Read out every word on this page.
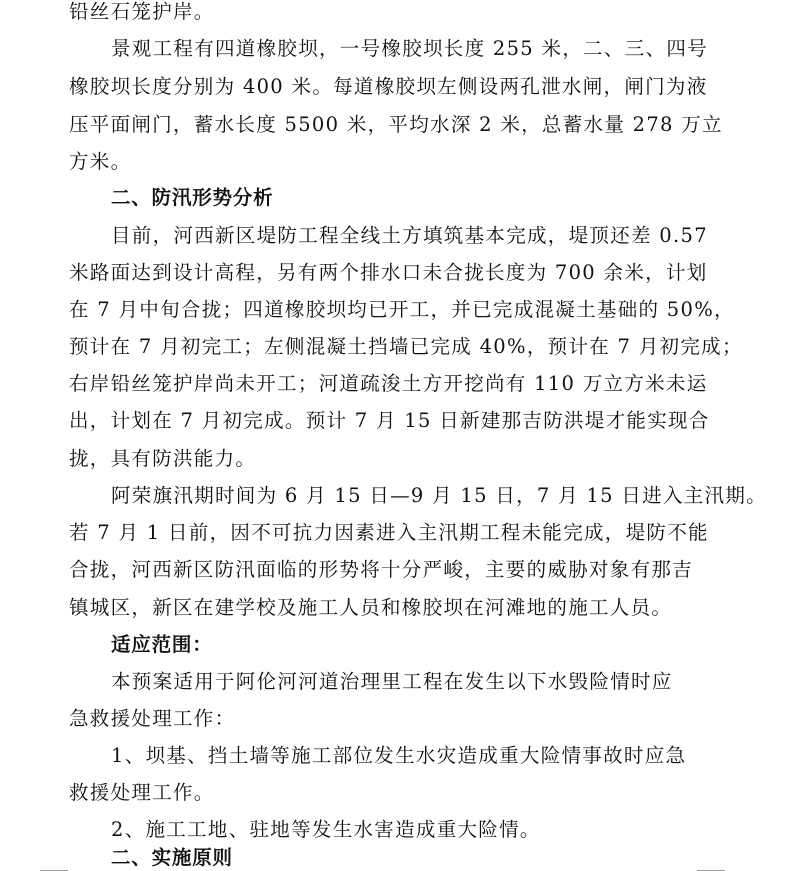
铅丝石笼护岸。
景观工程有四道橡胶坝，一号橡胶坝长度 255 米，二、三、四号
橡胶坝长度分别为 400 米。每道橡胶坝左侧设两孔泄水闸，闸门为液
压平面闸门，蓄水长度 5500 米，平均水深 2 米，总蓄水量 278 万立
方米。
二、防汛形势分析
目前，河西新区堤防工程全线土方填筑基本完成，堤顶还差 0.57
米路面达到设计高程，另有两个排水口未合拢长度为 700 余米，计划
在 7 月中旬合拢；四道橡胶坝均已开工，并已完成混凝土基础的 50%，
预计在 7 月初完工；左侧混凝土挡墙已完成 40%，预计在 7 月初完成；
右岸铅丝笼护岸尚未开工；河道疏浚土方开挖尚有 110 万立方米未运
出，计划在 7 月初完成。预计 7 月 15 日新建那吉防洪堤才能实现合
拢，具有防洪能力。
阿荣旗汛期时间为 6 月 15 日—9 月 15 日，7 月 15 日进入主汛期。
若 7 月 1 日前，因不可抗力因素进入主汛期工程未能完成，堤防不能
合拢，河西新区防汛面临的形势将十分严峻，主要的威胁对象有那吉
镇城区，新区在建学校及施工人员和橡胶坝在河滩地的施工人员。
适应范围：
本预案适用于阿伦河河道治理里工程在发生以下水毁险情时应
急救援处理工作：
1、坝基、挡土墙等施工部位发生水灾造成重大险情事故时应急
救援处理工作。
2、施工工地、驻地等发生水害造成重大险情。
二、实施原则
